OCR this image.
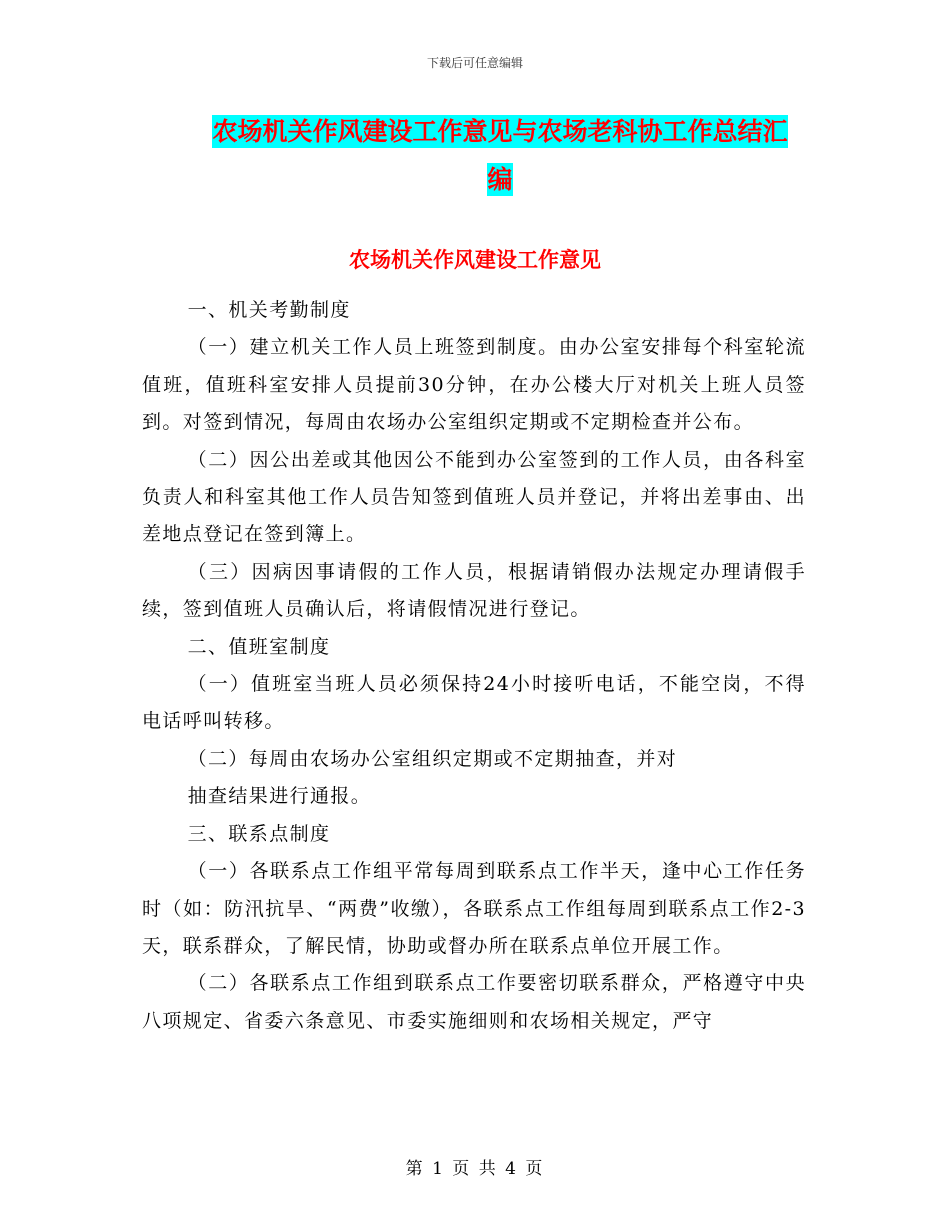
下载后可任意编辑
农场机关作风建设工作意见与农场老科协工作总结汇
编
农场机关作风建设工作意见

一、机关考勤制度

（一）建立机关工作人员上班签到制度。由办公室安排每个科室轮流值班，值班科室安排人员提前30分钟，在办公楼大厅对机关上班人员签到。对签到情况，每周由农场办公室组织定期或不定期检查并公布。

（二）因公出差或其他因公不能到办公室签到的工作人员，由各科室负责人和科室其他工作人员告知签到值班人员并登记，并将出差事由、出差地点登记在签到簿上。

（三）因病因事请假的工作人员，根据请销假办法规定办理请假手续，签到值班人员确认后，将请假情况进行登记。

二、值班室制度

（一）值班室当班人员必须保持24小时接听电话，不能空岗，不得电话呼叫转移。

（二）每周由农场办公室组织定期或不定期抽查，并对

抽查结果进行通报。

三、联系点制度

（一）各联系点工作组平常每周到联系点工作半天，逢中心工作任务时（如：防汛抗旱、“两费”收缴），各联系点工作组每周到联系点工作2-3天，联系群众，了解民情，协助或督办所在联系点单位开展工作。

（二）各联系点工作组到联系点工作要密切联系群众，严格遵守中央八项规定、省委六条意见、市委实施细则和农场相关规定，严守

第 1 页 共 4 页
